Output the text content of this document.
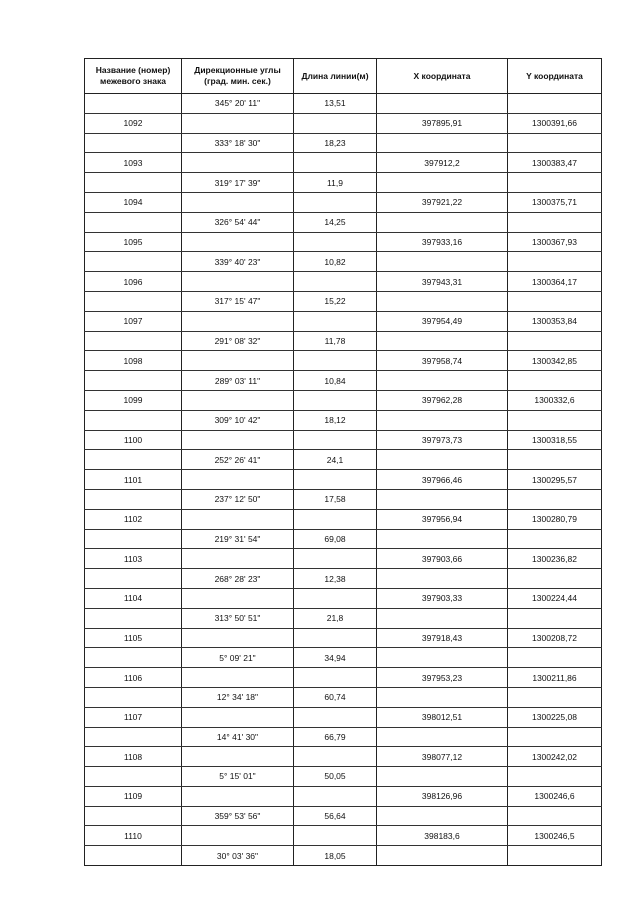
Название (номер) межевого знака	Дирекционные углы (град. мин. сек.)	Длина линии(м)	X координата	Y координата
	345° 20' 11"	13,51		
1092			397895,91	1300391,66
	333° 18' 30"	18,23		
1093			397912,2	1300383,47
	319° 17' 39"	11,9		
1094			397921,22	1300375,71
	326° 54' 44"	14,25		
1095			397933,16	1300367,93
	339° 40' 23"	10,82		
1096			397943,31	1300364,17
	317° 15' 47"	15,22		
1097			397954,49	1300353,84
	291° 08' 32"	11,78		
1098			397958,74	1300342,85
	289° 03' 11"	10,84		
1099			397962,28	1300332,6
	309° 10' 42"	18,12		
1100			397973,73	1300318,55
	252° 26' 41"	24,1		
1101			397966,46	1300295,57
	237° 12' 50"	17,58		
1102			397956,94	1300280,79
	219° 31' 54"	69,08		
1103			397903,66	1300236,82
	268° 28' 23"	12,38		
1104			397903,33	1300224,44
	313° 50' 51"	21,8		
1105			397918,43	1300208,72
	5° 09' 21"	34,94		
1106			397953,23	1300211,86
	12° 34' 18"	60,74		
1107			398012,51	1300225,08
	14° 41' 30"	66,79		
1108			398077,12	1300242,02
	5° 15' 01"	50,05		
1109			398126,96	1300246,6
	359° 53' 56"	56,64		
1110			398183,6	1300246,5
	30° 03' 36"	18,05		
